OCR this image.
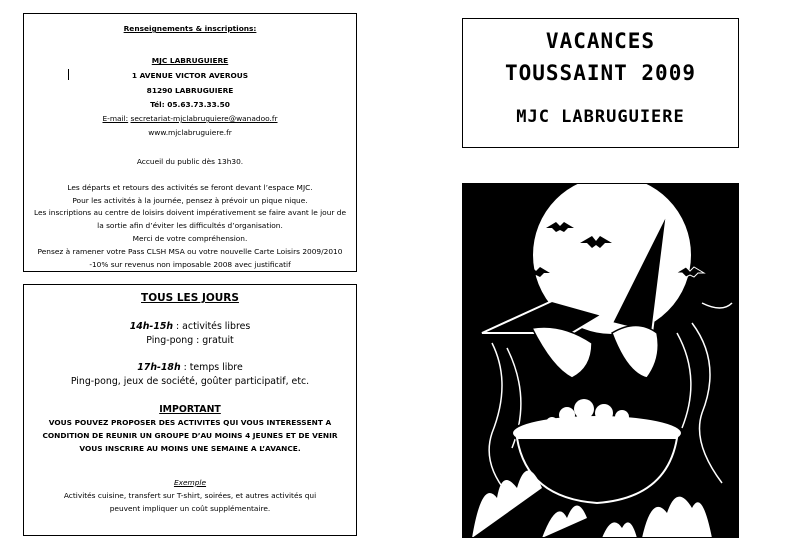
Renseignements & inscriptions:
MJC LABRUGUIERE
1 AVENUE VICTOR AVEROUS
81290 LABRUGUIERE
Tél: 05.63.73.33.50
E-mail: secretariat-mjclabruguiere@wanadoo.fr
www.mjclabruguiere.fr
Accueil du public dès 13h30.
Les départs et retours des activités se feront devant l’espace MJC.
Pour les activités à la journée, pensez à prévoir un pique nique.
Les inscriptions au centre de loisirs doivent impérativement se faire avant le jour de
la sortie afin d’éviter les difficultés d’organisation.
Merci de votre compréhension.
Pensez à ramener votre Pass CLSH MSA ou votre nouvelle Carte Loisirs 2009/2010
-10% sur revenus non imposable 2008 avec justificatif
TOUS LES JOURS
14h-15h : activités libres
Ping-pong : gratuit
17h-18h : temps libre
Ping-pong, jeux de société, goûter participatif, etc.
IMPORTANT
VOUS POUVEZ PROPOSER DES ACTIVITES QUI VOUS INTERESSENT A
CONDITION DE REUNIR UN GROUPE D’AU MOINS 4 JEUNES ET DE VENIR
VOUS INSCRIRE AU MOINS UNE SEMAINE A L’AVANCE.
Exemple
Activités cuisine, transfert sur T-shirt, soirées, et autres activités qui
peuvent impliquer un coût supplémentaire.
VACANCES
TOUSSAINT 2009
MJC LABRUGUIERE
